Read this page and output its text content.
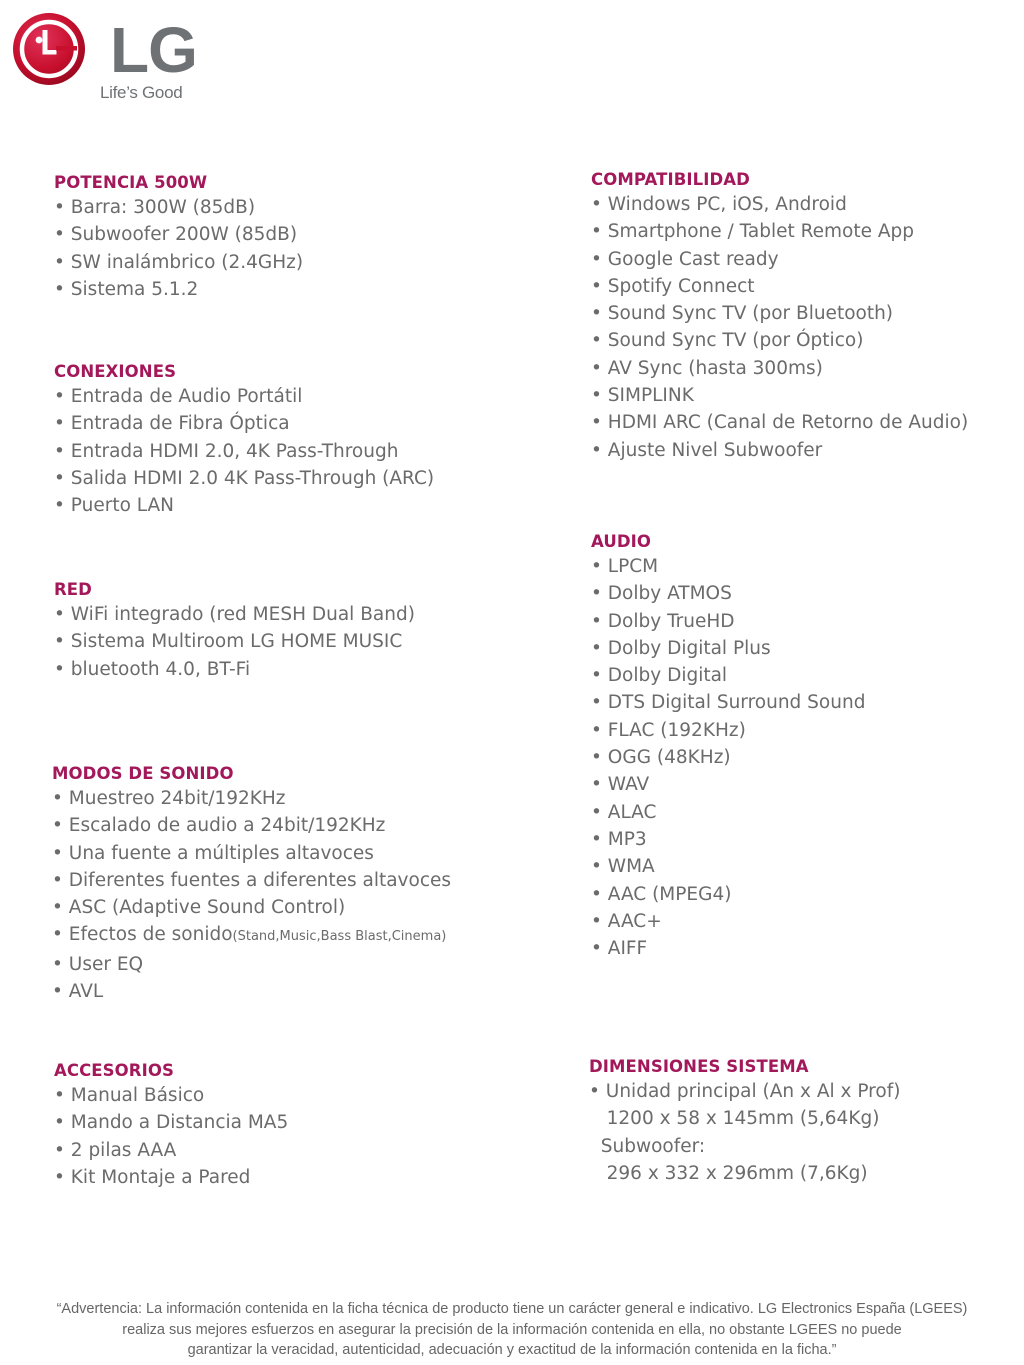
LG
Life’s Good
POTENCIA 500W
• Barra: 300W (85dB)
• Subwoofer 200W (85dB)
• SW inalámbrico (2.4GHz)
• Sistema 5.1.2
CONEXIONES
• Entrada de Audio Portátil
• Entrada de Fibra Óptica
• Entrada HDMI 2.0, 4K Pass-Through
• Salida HDMI 2.0 4K Pass-Through (ARC)
• Puerto LAN
RED
• WiFi integrado (red MESH Dual Band)
• Sistema Multiroom LG HOME MUSIC
• bluetooth 4.0, BT-Fi
MODOS DE SONIDO
• Muestreo 24bit/192KHz
• Escalado de audio a 24bit/192KHz
• Una fuente a múltiples altavoces
• Diferentes fuentes a diferentes altavoces
• ASC (Adaptive Sound Control)
• Efectos de sonido(Stand,Music,Bass Blast,Cinema)
• User EQ
• AVL
ACCESORIOS
• Manual Básico
• Mando a Distancia MA5
• 2 pilas AAA
• Kit Montaje a Pared
COMPATIBILIDAD
• Windows PC, iOS, Android
• Smartphone / Tablet Remote App
• Google Cast ready
• Spotify Connect
• Sound Sync TV (por Bluetooth)
• Sound Sync TV (por Óptico)
• AV Sync (hasta 300ms)
• SIMPLINK
• HDMI ARC (Canal de Retorno de Audio)
• Ajuste Nivel Subwoofer
AUDIO
• LPCM
• Dolby ATMOS
• Dolby TrueHD
• Dolby Digital Plus
• Dolby Digital
• DTS Digital Surround Sound
• FLAC (192KHz)
• OGG (48KHz)
• WAV
• ALAC
• MP3
• WMA
• AAC (MPEG4)
• AAC+
• AIFF
DIMENSIONES SISTEMA
• Unidad principal (An x Al x Prof)
1200 x 58 x 145mm (5,64Kg)
Subwoofer:
296 x 332 x 296mm (7,6Kg)
“Advertencia: La información contenida en la ficha técnica de producto tiene un carácter general e indicativo. LG Electronics España (LGEES)
realiza sus mejores esfuerzos en asegurar la precisión de la información contenida en ella, no obstante LGEES no puede
garantizar la veracidad, autenticidad, adecuación y exactitud de la información contenida en la ficha.”
